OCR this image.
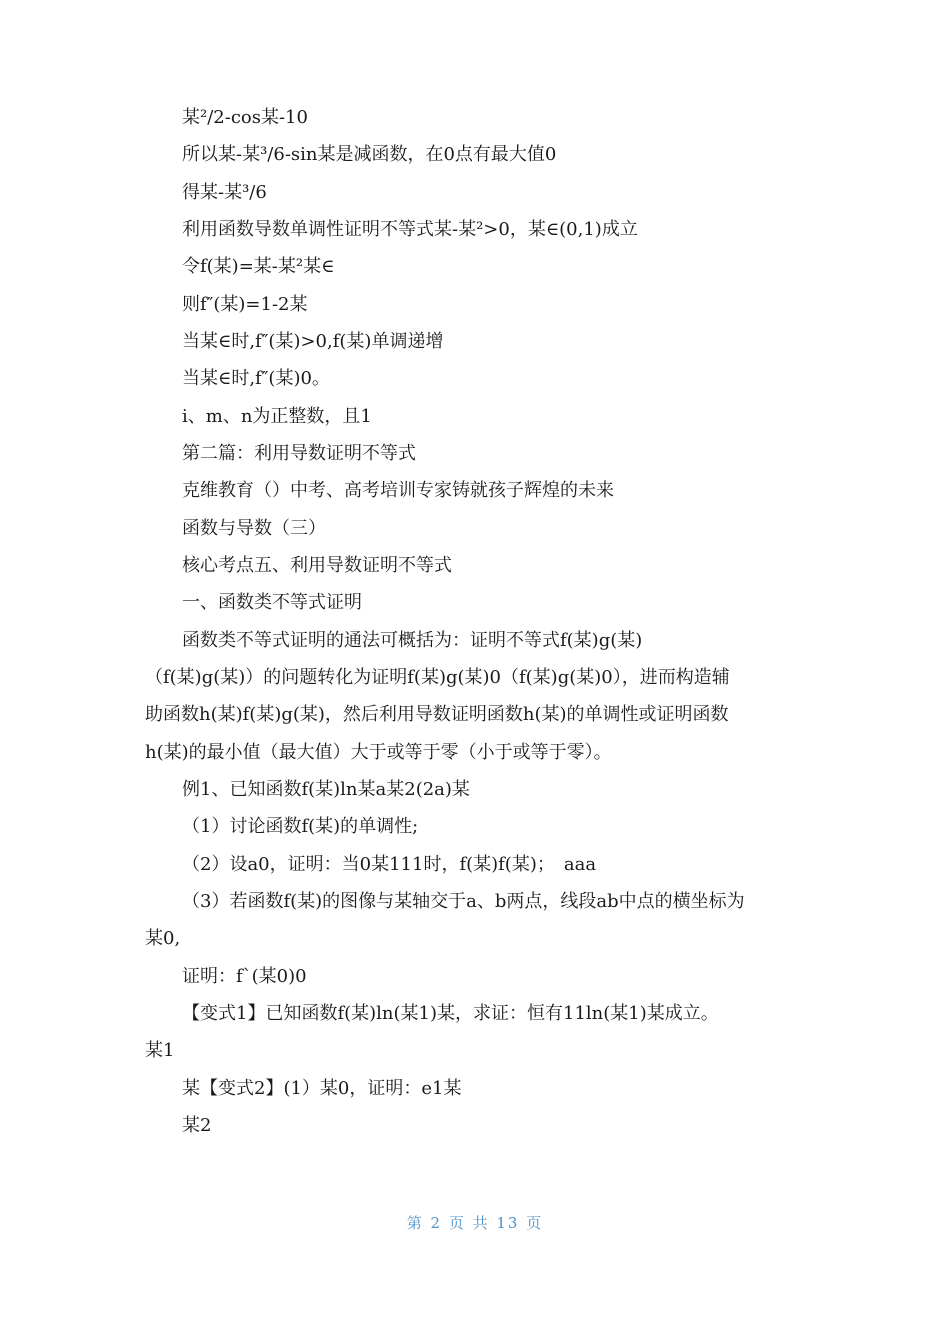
某²/2-cos某-10
所以某-某³/6-sin某是减函数，在0点有最大值0
得某-某³/6
利用函数导数单调性证明不等式某-某²>0，某∈(0,1)成立
令f(某)=某-某²某∈
则f″(某)=1-2某
当某∈时,f″(某)>0,f(某)单调递增
当某∈时,f″(某)0。
i、m、n为正整数，且1
第二篇：利用导数证明不等式
克维教育（）中考、高考培训专家铸就孩子辉煌的未来
函数与导数（三）
核心考点五、利用导数证明不等式
一、函数类不等式证明
函数类不等式证明的通法可概括为：证明不等式f(某)g(某)
（f(某)g(某)）的问题转化为证明f(某)g(某)0（f(某)g(某)0），进而构造辅
助函数h(某)f(某)g(某)，然后利用导数证明函数h(某)的单调性或证明函数
h(某)的最小值（最大值）大于或等于零（小于或等于零）。
例1、已知函数f(某)ln某a某2(2a)某
（1）讨论函数f(某)的单调性;
（2）设a0，证明：当0某111时，f(某)f(某)；　aaa
（3）若函数f(某)的图像与某轴交于a、b两点，线段ab中点的横坐标为
某0,
证明：f`(某0)0
【变式1】已知函数f(某)ln(某1)某，求证：恒有11ln(某1)某成立。
某1
某【变式2】(1）某0，证明：e1某
某2
第 2 页 共 13 页
